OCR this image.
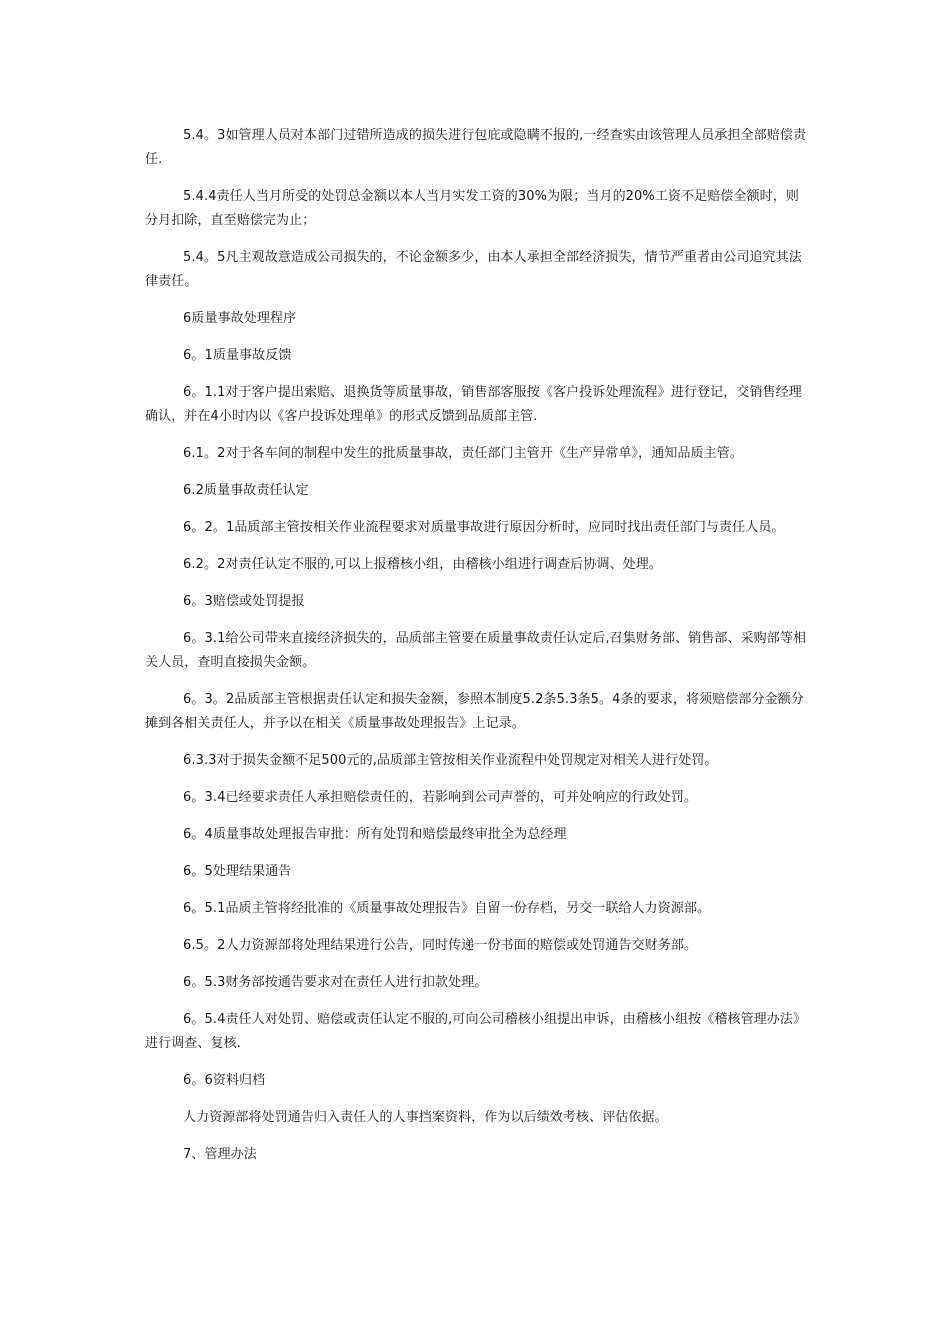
5.4。3如管理人员对本部门过错所造成的损失进行包庇或隐瞒不报的,一经查实由该管理人员承担全部赔偿责任.

5.4.4责任人当月所受的处罚总金额以本人当月实发工资的30%为限；当月的20%工资不足赔偿全额时，则分月扣除，直至赔偿完为止；

5.4。5凡主观故意造成公司损失的，不论金额多少，由本人承担全部经济损失，情节严重者由公司追究其法律责任。

6质量事故处理程序

6。1质量事故反馈

6。1.1对于客户提出索赔、退换货等质量事故，销售部客服按《客户投诉处理流程》进行登记，交销售经理确认，并在4小时内以《客户投诉处理单》的形式反馈到品质部主管.

6.1。2对于各车间的制程中发生的批质量事故，责任部门主管开《生产异常单》，通知品质主管。

6.2质量事故责任认定

6。2。1品质部主管按相关作业流程要求对质量事故进行原因分析时，应同时找出责任部门与责任人员。

6.2。2对责任认定不服的,可以上报稽核小组，由稽核小组进行调查后协调、处理。

6。3赔偿或处罚提报

6。3.1给公司带来直接经济损失的，品质部主管要在质量事故责任认定后,召集财务部、销售部、采购部等相关人员，查明直接损失金额。

6。3。2品质部主管根据责任认定和损失金额，参照本制度5.2条5.3条5。4条的要求，将须赔偿部分金额分摊到各相关责任人，并予以在相关《质量事故处理报告》上记录。

6.3.3对于损失金额不足500元的,品质部主管按相关作业流程中处罚规定对相关人进行处罚。

6。3.4已经要求责任人承担赔偿责任的，若影响到公司声誉的，可并处响应的行政处罚。

6。4质量事故处理报告审批：所有处罚和赔偿最终审批全为总经理

6。5处理结果通告

6。5.1品质主管将经批准的《质量事故处理报告》自留一份存档，另交一联给人力资源部。

6.5。2人力资源部将处理结果进行公告，同时传递一份书面的赔偿或处罚通告交财务部。

6。5.3财务部按通告要求对在责任人进行扣款处理。

6。5.4责任人对处罚、赔偿或责任认定不服的,可向公司稽核小组提出申诉，由稽核小组按《稽核管理办法》进行调查、复核.

6。6资料归档

人力资源部将处罚通告归入责任人的人事挡案资料，作为以后绩效考核、评估依据。

7、管理办法
